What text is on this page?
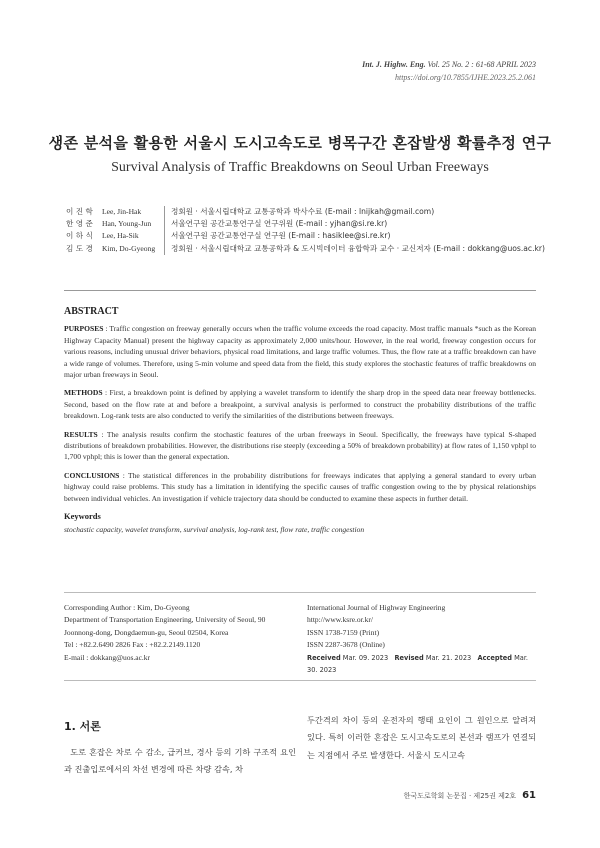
Int. J. Highw. Eng. Vol. 25 No. 2 : 61-68 APRIL 2023
https://doi.org/10.7855/IJHE.2023.25.2.061
생존 분석을 활용한 서울시 도시고속도로 병목구간 혼잡발생 확률추정 연구
Survival Analysis of Traffic Breakdowns on Seoul Urban Freeways
이 진 학	Lee, Jin-Hak	정회원 · 서울시립대학교 교통공학과 박사수료 (E-mail : lnijkah@gmail.com)
한 영 준	Han, Young-Jun	서울연구원 공간교통연구실 연구위원 (E-mail : yjhan@si.re.kr)
이 하 식	Lee, Ha-Sik	서울연구원 공간교통연구실 연구원 (E-mail : hasiklee@si.re.kr)
김 도 경	Kim, Do-Gyeong	정회원 · 서울시립대학교 교통공학과 & 도시빅데이터 융합학과 교수 · 교신저자 (E-mail : dokkang@uos.ac.kr)
ABSTRACT

PURPOSES : Traffic congestion on freeway generally occurs when the traffic volume exceeds the road capacity. Most traffic manuals *such as the Korean Highway Capacity Manual) present the highway capacity as approximately 2,000 units/hour. However, in the real world, freeway congestion occurs for various reasons, including unusual driver behaviors, physical road limitations, and large traffic volumes. Thus, the flow rate at a traffic breakdown can have a wide range of volumes. Therefore, using 5-min volume and speed data from the field, this study explores the stochastic features of traffic breakdowns on major urban freeways in Seoul.

METHODS : First, a breakdown point is defined by applying a wavelet transform to identify the sharp drop in the speed data near freeway bottlenecks. Second, based on the flow rate at and before a breakpoint, a survival analysis is performed to construct the probability distributions of the traffic breakdown. Log-rank tests are also conducted to verify the similarities of the distributions between freeways.

RESULTS : The analysis results confirm the stochastic features of the urban freeways in Seoul. Specifically, the freeways have typical S-shaped distributions of breakdown probabilities. However, the distributions rise steeply (exceeding a 50% of breakdown probability) at flow rates of 1,150 vphpl to 1,700 vphpl; this is lower than the general expectation.

CONCLUSIONS : The statistical differences in the probability distributions for freeways indicates that applying a general standard to every urban highway could raise problems. This study has a limitation in identifying the specific causes of traffic congestion owing to the by physical relationships between individual vehicles. An investigation if vehicle trajectory data should be conducted to examine these aspects in further detail.

Keywords

stochastic capacity, wavelet transform, survival analysis, log-rank test, flow rate, traffic congestion

Corresponding Author : Kim, Do-Gyeong
Department of Transportation Engineering, University of Seoul, 90
Joonnong-dong, Dongdaemun-gu, Seoul 02504, Korea
Tel : +82.2.6490 2826 Fax : +82.2.2149.1120
E-mail : dokkang@uos.ac.kr
International Journal of Highway Engineering
http://www.ksre.or.kr/
ISSN 1738-7159 (Print)
ISSN 2287-3678 (Online)
Received Mar. 09. 2023 Revised Mar. 21. 2023 Accepted Mar. 30. 2023
1. 서론

도로 혼잡은 차로 수 감소, 급커브, 경사 등의 기하 구조적 요인과 진출입로에서의 차선 변경에 따른 차량 감속, 차

두간격의 차이 등의 운전자의 행태 요인이 그 원인으로 알려져 있다. 특히 이러한 혼잡은 도시고속도로의 본선과 램프가 연결되는 지점에서 주로 발생한다. 서울시 도시고속

한국도로학회 논문집 · 제25권 제2호 61
